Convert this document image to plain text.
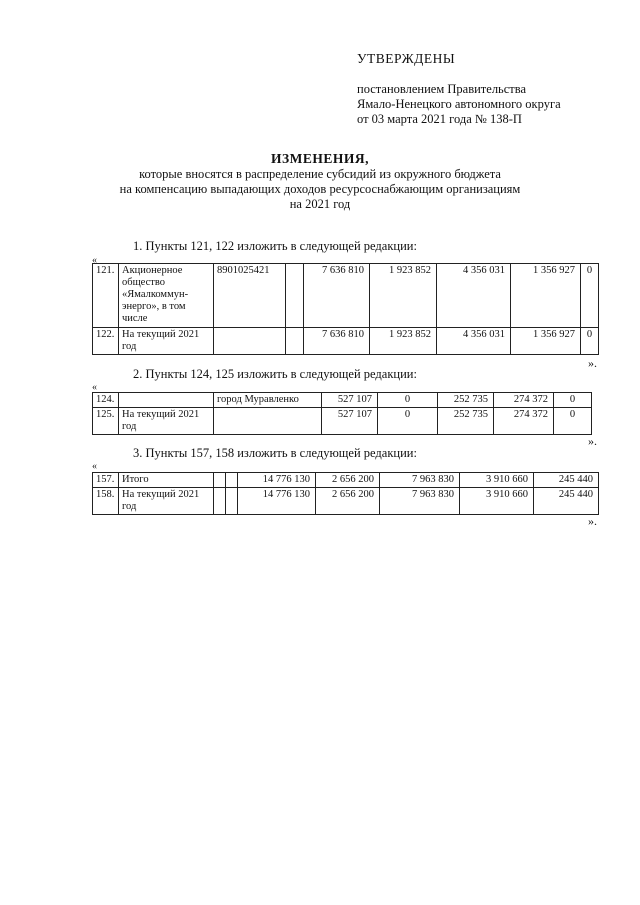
УТВЕРЖДЕНЫ
постановлением Правительства
Ямало-Ненецкого автономного округа
от 03 марта 2021 года № 138-П
ИЗМЕНЕНИЯ,
которые вносятся в распределение субсидий из окружного бюджета
на компенсацию выпадающих доходов ресурсоснабжающим организациям
на 2021 год
1. Пункты 121, 122 изложить в следующей редакции:
«
121.	Акционерное общество «Ямалкоммун-энерго», в том числе	8901025421		7 636 810	1 923 852	4 356 031	1 356 927	0
122.	На текущий 2021 год			7 636 810	1 923 852	4 356 031	1 356 927	0
».
2. Пункты 124, 125 изложить в следующей редакции:
«
124.		город Муравленко	527 107	0	252 735	274 372	0
125.	На текущий 2021 год		527 107	0	252 735	274 372	0
».
3. Пункты 157, 158 изложить в следующей редакции:
«
157.	Итого			14 776 130	2 656 200	7 963 830	3 910 660	245 440
158.	На текущий 2021 год			14 776 130	2 656 200	7 963 830	3 910 660	245 440
».
